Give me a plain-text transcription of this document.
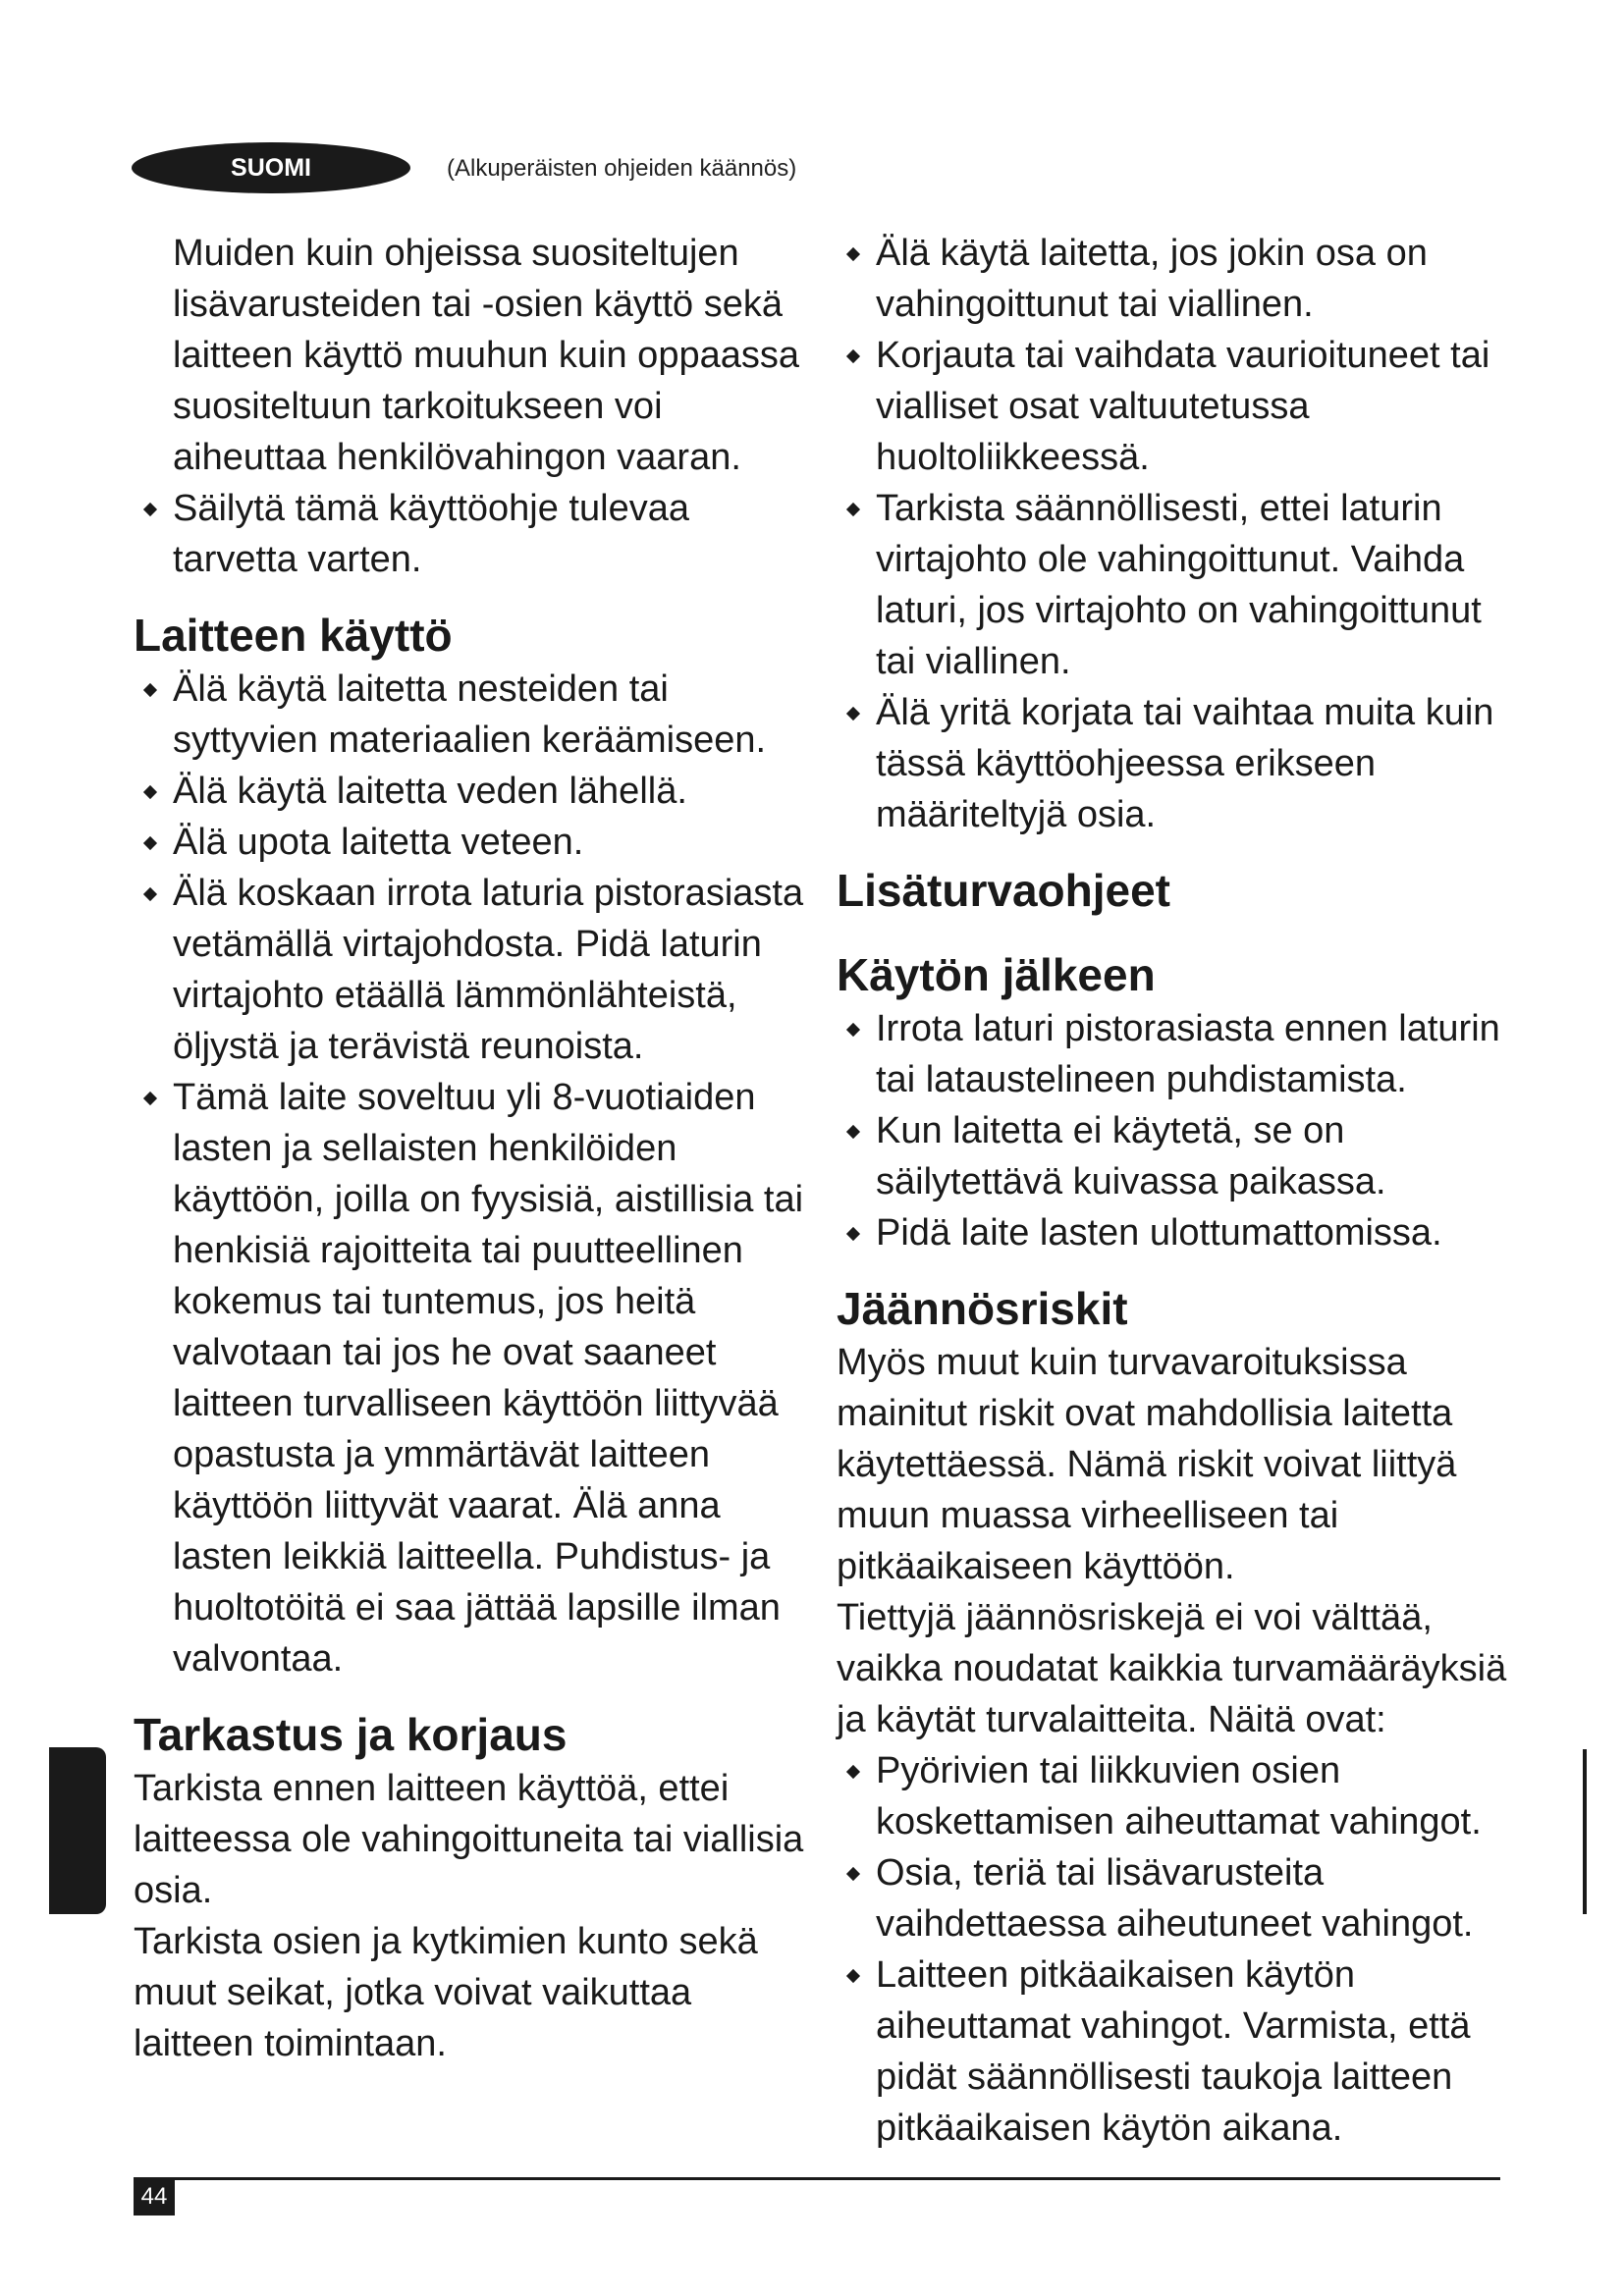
SUOMI	(Alkuperäisten ohjeiden käännös)

Muiden kuin ohjeissa suositeltujen lisävarusteiden tai -osien käyttö sekä laitteen käyttö muuhun kuin oppaassa suositeltuun tarkoitukseen voi aiheuttaa henkilövahingon vaaran.

Säilytä tämä käyttöohje tulevaa tarvetta varten.

Laitteen käyttö

Älä käytä laitetta nesteiden tai syttyvien materiaalien keräämiseen.

Älä käytä laitetta veden lähellä.

Älä upota laitetta veteen.

Älä koskaan irrota laturia pistorasiasta vetämällä virtajohdosta. Pidä laturin virtajohto etäällä lämmönlähteistä, öljystä ja terävistä reunoista.

Tämä laite soveltuu yli 8-vuotiaiden lasten ja sellaisten henkilöiden käyttöön, joilla on fyysisiä, aistillisia tai henkisiä rajoitteita tai puutteellinen kokemus tai tuntemus, jos heitä valvotaan tai jos he ovat saaneet laitteen turvalliseen käyttöön liittyvää opastusta ja ymmärtävät laitteen käyttöön liittyvät vaarat. Älä anna lasten leikkiä laitteella. Puhdistus- ja huoltotöitä ei saa jättää lapsille ilman valvontaa.

Tarkastus ja korjaus

Tarkista ennen laitteen käyttöä, ettei laitteessa ole vahingoittuneita tai viallisia osia.

Tarkista osien ja kytkimien kunto sekä muut seikat, jotka voivat vaikuttaa laitteen toimintaan.

Älä käytä laitetta, jos jokin osa on vahingoittunut tai viallinen.

Korjauta tai vaihdata vaurioituneet tai vialliset osat valtuutetussa huoltoliikkeessä.

Tarkista säännöllisesti, ettei laturin virtajohto ole vahingoittunut. Vaihda laturi, jos virtajohto on vahingoittunut tai viallinen.

Älä yritä korjata tai vaihtaa muita kuin tässä käyttöohjeessa erikseen määriteltyjä osia.

Lisäturvaohjeet
Käytön jälkeen

Irrota laturi pistorasiasta ennen laturin tai lataustelineen puhdistamista.

Kun laitetta ei käytetä, se on säilytettävä kuivassa paikassa.

Pidä laite lasten ulottumattomissa.

Jäännösriskit

Myös muut kuin turvavaroituksissa mainitut riskit ovat mahdollisia laitetta käytettäessä. Nämä riskit voivat liittyä muun muassa virheelliseen tai pitkäaikaiseen käyttöön.

Tiettyjä jäännösriskejä ei voi välttää, vaikka noudatat kaikkia turvamääräyksiä ja käytät turvalaitteita. Näitä ovat:

Pyörivien tai liikkuvien osien koskettamisen aiheuttamat vahingot.

Osia, teriä tai lisävarusteita vaihdettaessa aiheutuneet vahingot.

Laitteen pitkäaikaisen käytön aiheuttamat vahingot. Varmista, että pidät säännöllisesti taukoja laitteen pitkäaikaisen käytön aikana.

44
